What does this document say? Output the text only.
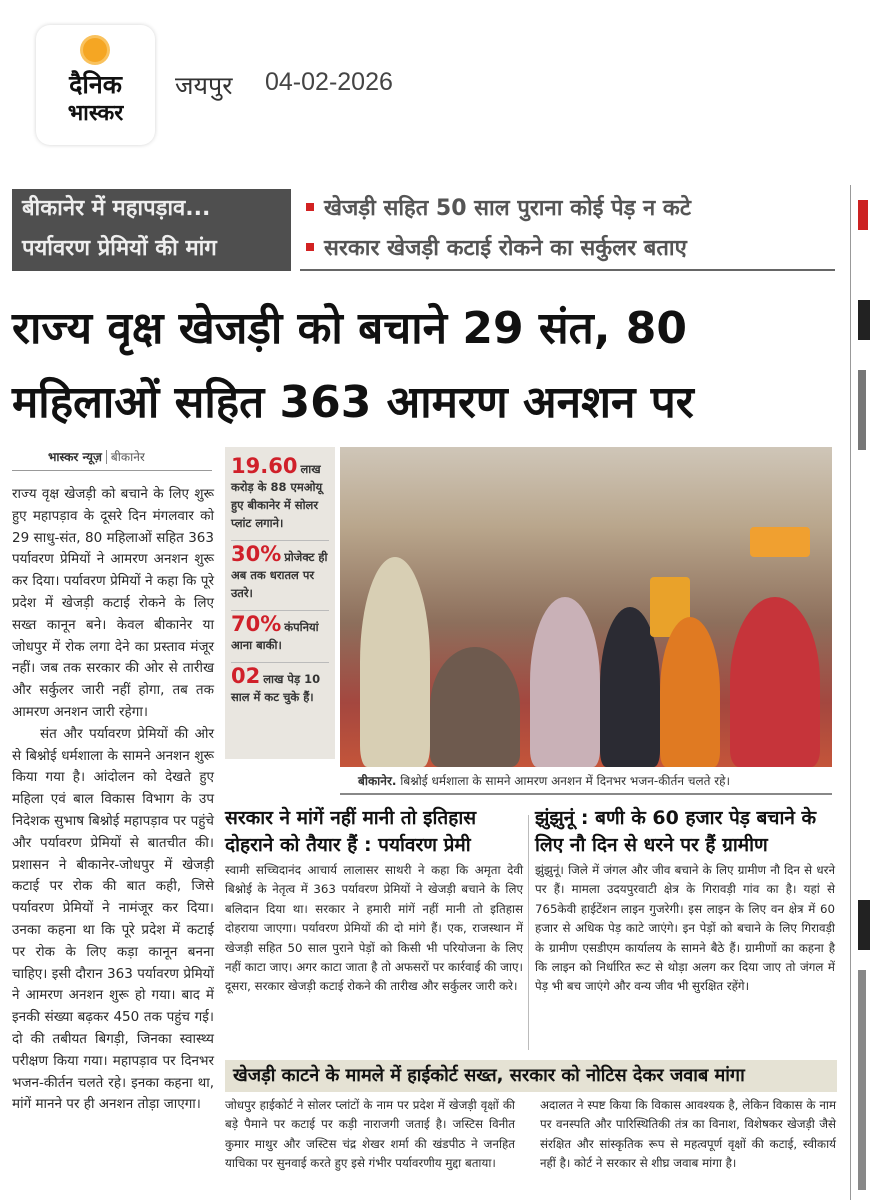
दैनिक
भास्कर
जयपुर 04-02-2026
बीकानेर में महापड़ाव...
पर्यावरण प्रेमियों की मांग
खेजड़ी सहित 50 साल पुराना कोई पेड़ न कटे
सरकार खेजड़ी कटाई रोकने का सर्कुलर बताए
राज्य वृक्ष खेजड़ी को बचाने 29 संत, 80
महिलाओं सहित 363 आमरण अनशन पर
भास्कर न्यूज़ बीकानेर

राज्य वृक्ष खेजड़ी को बचाने के लिए शुरू हुए महापड़ाव के दूसरे दिन मंगलवार को 29 साधु-संत, 80 महिलाओं सहित 363 पर्यावरण प्रेमियों ने आमरण अनशन शुरू कर दिया। पर्यावरण प्रेमियों ने कहा कि पूरे प्रदेश में खेजड़ी कटाई रोकने के लिए सख्त कानून बने। केवल बीकानेर या जोधपुर में रोक लगा देने का प्रस्ताव मंजूर नहीं। जब तक सरकार की ओर से तारीख और सर्कुलर जारी नहीं होगा, तब तक आमरण अनशन जारी रहेगा।

संत और पर्यावरण प्रेमियों की ओर से बिश्नोई धर्मशाला के सामने अनशन शुरू किया गया है। आंदोलन को देखते हुए महिला एवं बाल विकास विभाग के उप निदेशक सुभाष बिश्नोई महापड़ाव पर पहुंचे और पर्यावरण प्रेमियों से बातचीत की। प्रशासन ने बीकानेर-जोधपुर में खेजड़ी कटाई पर रोक की बात कही, जिसे पर्यावरण प्रेमियों ने नामंजूर कर दिया। उनका कहना था कि पूरे प्रदेश में कटाई पर रोक के लिए कड़ा कानून बनना चाहिए। इसी दौरान 363 पर्यावरण प्रेमियों ने आमरण अनशन शुरू हो गया। बाद में इनकी संख्या बढ़कर 450 तक पहुंच गई। दो की तबीयत बिगड़ी, जिनका स्वास्थ्य परीक्षण किया गया। महापड़ाव पर दिनभर भजन-कीर्तन चलते रहे। इनका कहना था, मांगें मानने पर ही अनशन तोड़ा जाएगा।

19.60 लाख करोड़ के 88 एमओयू हुए बीकानेर में सोलर प्लांट लगाने।
30% प्रोजेक्ट ही अब तक धरातल पर उतरे।
70% कंपनियां आना बाकी।
02 लाख पेड़ 10 साल में कट चुके हैं।
बीकानेर. बिश्नोई धर्मशाला के सामने आमरण अनशन में दिनभर भजन-कीर्तन चलते रहे।
सरकार ने मांगें नहीं मानी तो इतिहास दोहराने को तैयार हैं : पर्यावरण प्रेमी
स्वामी सच्चिदानंद आचार्य लालासर साथरी ने कहा कि अमृता देवी बिश्नोई के नेतृत्व में 363 पर्यावरण प्रेमियों ने खेजड़ी बचाने के लिए बलिदान दिया था। सरकार ने हमारी मांगें नहीं मानी तो इतिहास दोहराया जाएगा। पर्यावरण प्रेमियों की दो मांगे हैं। एक, राजस्थान में खेजड़ी सहित 50 साल पुराने पेड़ों को किसी भी परियोजना के लिए नहीं काटा जाए। अगर काटा जाता है तो अफसरों पर कार्रवाई की जाए। दूसरा, सरकार खेजड़ी कटाई रोकने की तारीख और सर्कुलर जारी करे।
झुंझुनूं : बणी के 60 हजार पेड़ बचाने के लिए नौ दिन से धरने पर हैं ग्रामीण
झुंझुनूं। जिले में जंगल और जीव बचाने के लिए ग्रामीण नौ दिन से धरने पर हैं। मामला उदयपुरवाटी क्षेत्र के गिरावड़ी गांव का है। यहां से 765केवी हाईटेंशन लाइन गुजरेगी। इस लाइन के लिए वन क्षेत्र में 60 हजार से अधिक पेड़ काटे जाएंगे। इन पेड़ों को बचाने के लिए गिरावड़ी के ग्रामीण एसडीएम कार्यालय के सामने बैठे हैं। ग्रामीणों का कहना है कि लाइन को निर्धारित रूट से थोड़ा अलग कर दिया जाए तो जंगल में पेड़ भी बच जाएंगे और वन्य जीव भी सुरक्षित रहेंगे।
खेजड़ी काटने के मामले में हाईकोर्ट सख्त, सरकार को नोटिस देकर जवाब मांगा
जोधपुर हाईकोर्ट ने सोलर प्लांटों के नाम पर प्रदेश में खेजड़ी वृक्षों की बड़े पैमाने पर कटाई पर कड़ी नाराजगी जताई है। जस्टिस विनीत कुमार माथुर और जस्टिस चंद्र शेखर शर्मा की खंडपीठ ने जनहित याचिका पर सुनवाई करते हुए इसे गंभीर पर्यावरणीय मुद्दा बताया।
अदालत ने स्पष्ट किया कि विकास आवश्यक है, लेकिन विकास के नाम पर वनस्पति और पारिस्थितिकी तंत्र का विनाश, विशेषकर खेजड़ी जैसे संरक्षित और सांस्कृतिक रूप से महत्वपूर्ण वृक्षों की कटाई, स्वीकार्य नहीं है। कोर्ट ने सरकार से शीघ्र जवाब मांगा है।
